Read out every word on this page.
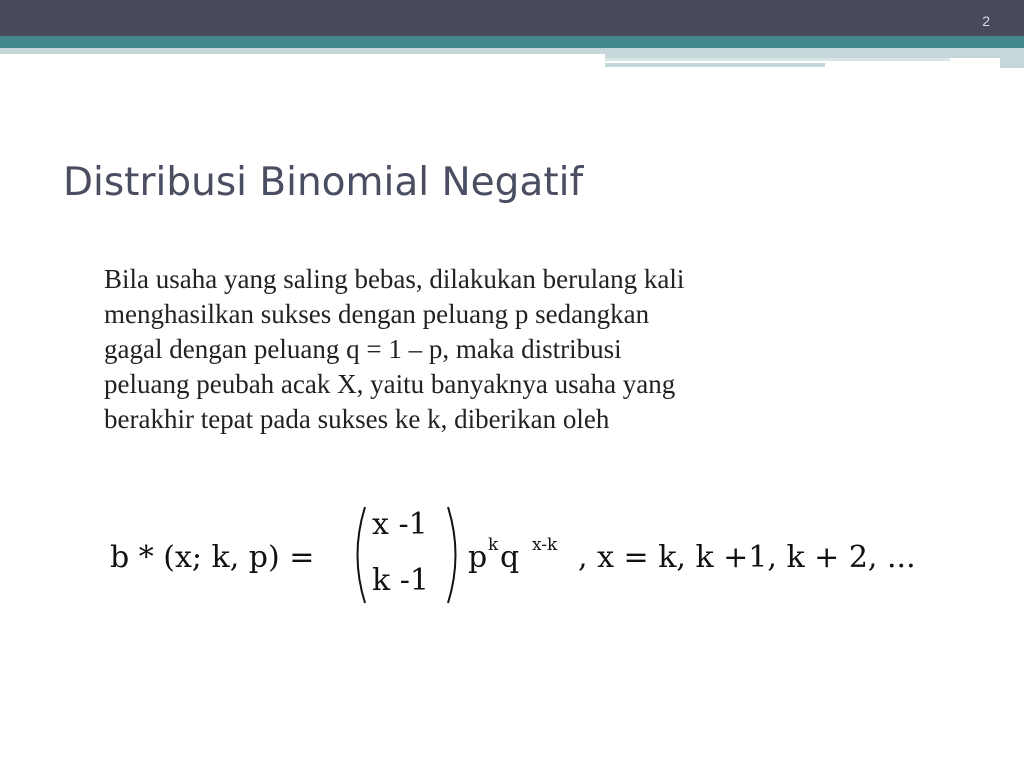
2
Distribusi Binomial Negatif
Bila usaha yang saling bebas, dilakukan berulang kali
menghasilkan sukses dengan peluang p sedangkan
gagal dengan peluang q = 1 – p, maka distribusi
peluang peubah acak X, yaitu banyaknya usaha yang
berakhir tepat pada sukses ke k, diberikan oleh
b * (x; k, p) =
x -1
k -1
p k q x-k , x = k, k +1, k + 2, ...
